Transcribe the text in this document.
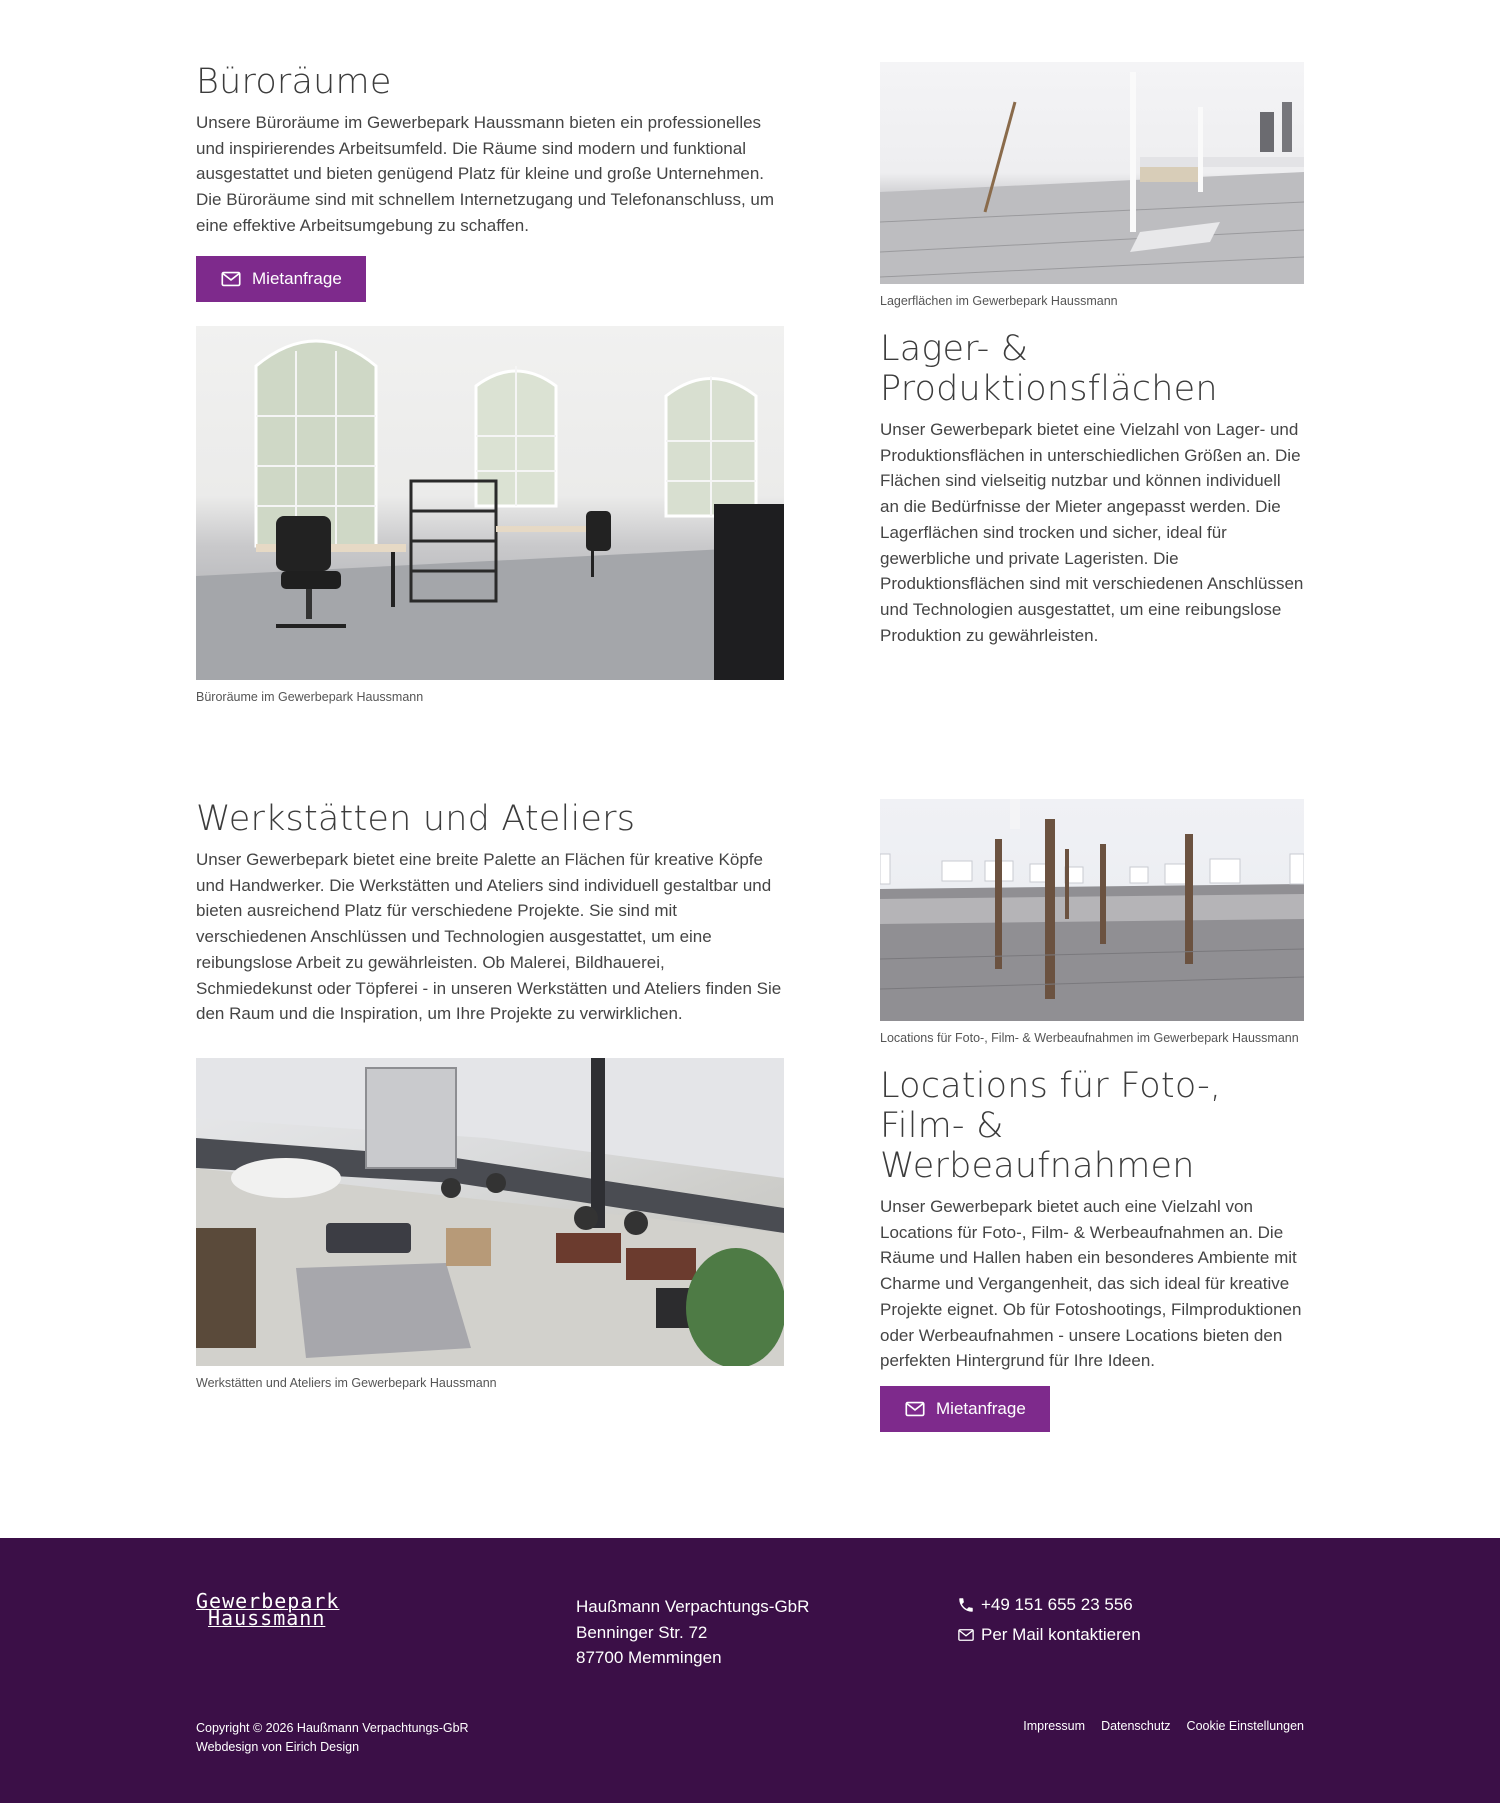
Büroräume

Unsere Büroräume im Gewerbepark Haussmann bieten ein professionelles und inspirierendes Arbeitsumfeld. Die Räume sind modern und funktional ausgestattet und bieten genügend Platz für kleine und große Unternehmen. Die Büroräume sind mit schnellem Internetzugang und Telefonanschluss, um eine effektive Arbeitsumgebung zu schaffen.

Mietanfrage
Büroräume im Gewerbepark Haussmann
Lagerflächen im Gewerbepark Haussmann
Lager- & Produktionsflächen

Unser Gewerbepark bietet eine Vielzahl von Lager- und Produktionsflächen in unterschiedlichen Größen an. Die Flächen sind vielseitig nutzbar und können individuell an die Bedürfnisse der Mieter angepasst werden. Die Lagerflächen sind trocken und sicher, ideal für gewerbliche und private Lageristen. Die Produktionsflächen sind mit verschiedenen Anschlüssen und Technologien ausgestattet, um eine reibungslose Produktion zu gewährleisten.

Werkstätten und Ateliers

Unser Gewerbepark bietet eine breite Palette an Flächen für kreative Köpfe und Handwerker. Die Werkstätten und Ateliers sind individuell gestaltbar und bieten ausreichend Platz für verschiedene Projekte. Sie sind mit verschiedenen Anschlüssen und Technologien ausgestattet, um eine reibungslose Arbeit zu gewährleisten. Ob Malerei, Bildhauerei, Schmiedekunst oder Töpferei - in unseren Werkstätten und Ateliers finden Sie den Raum und die Inspiration, um Ihre Projekte zu verwirklichen.

Werkstätten und Ateliers im Gewerbepark Haussmann
Locations für Foto-, Film- & Werbeaufnahmen im Gewerbepark Haussmann
Locations für Foto-, Film- & Werbeaufnahmen

Unser Gewerbepark bietet auch eine Vielzahl von Locations für Foto-, Film- & Werbeaufnahmen an. Die Räume und Hallen haben ein besonderes Ambiente mit Charme und Vergangenheit, das sich ideal für kreative Projekte eignet. Ob für Fotoshootings, Filmproduktionen oder Werbeaufnahmen - unsere Locations bieten den perfekten Hintergrund für Ihre Ideen.

Mietanfrage
Gewerbepark
Haussmann	Haußmann Verpachtungs-GbR
Benninger Str. 72
87700 Memmingen
+49 151 655 23 556
Per Mail kontaktieren
Copyright © 2026 Haußmann Verpachtungs-GbR
Webdesign von Eirich Design
Impressum Datenschutz Cookie Einstellungen
